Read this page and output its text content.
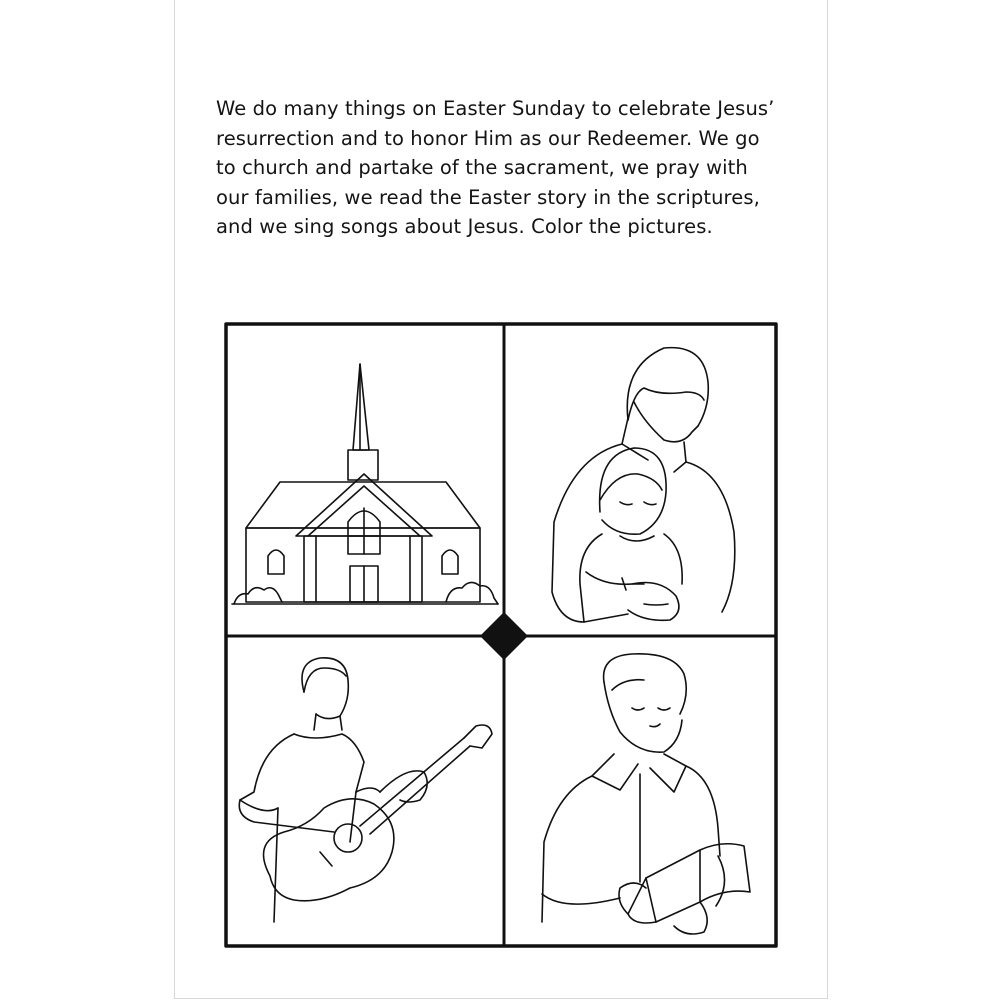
We do many things on Easter Sunday to celebrate Jesus’
resurrection and to honor Him as our Redeemer. We go
to church and partake of the sacrament, we pray with
our families, we read the Easter story in the scriptures,
and we sing songs about Jesus. Color the pictures.
